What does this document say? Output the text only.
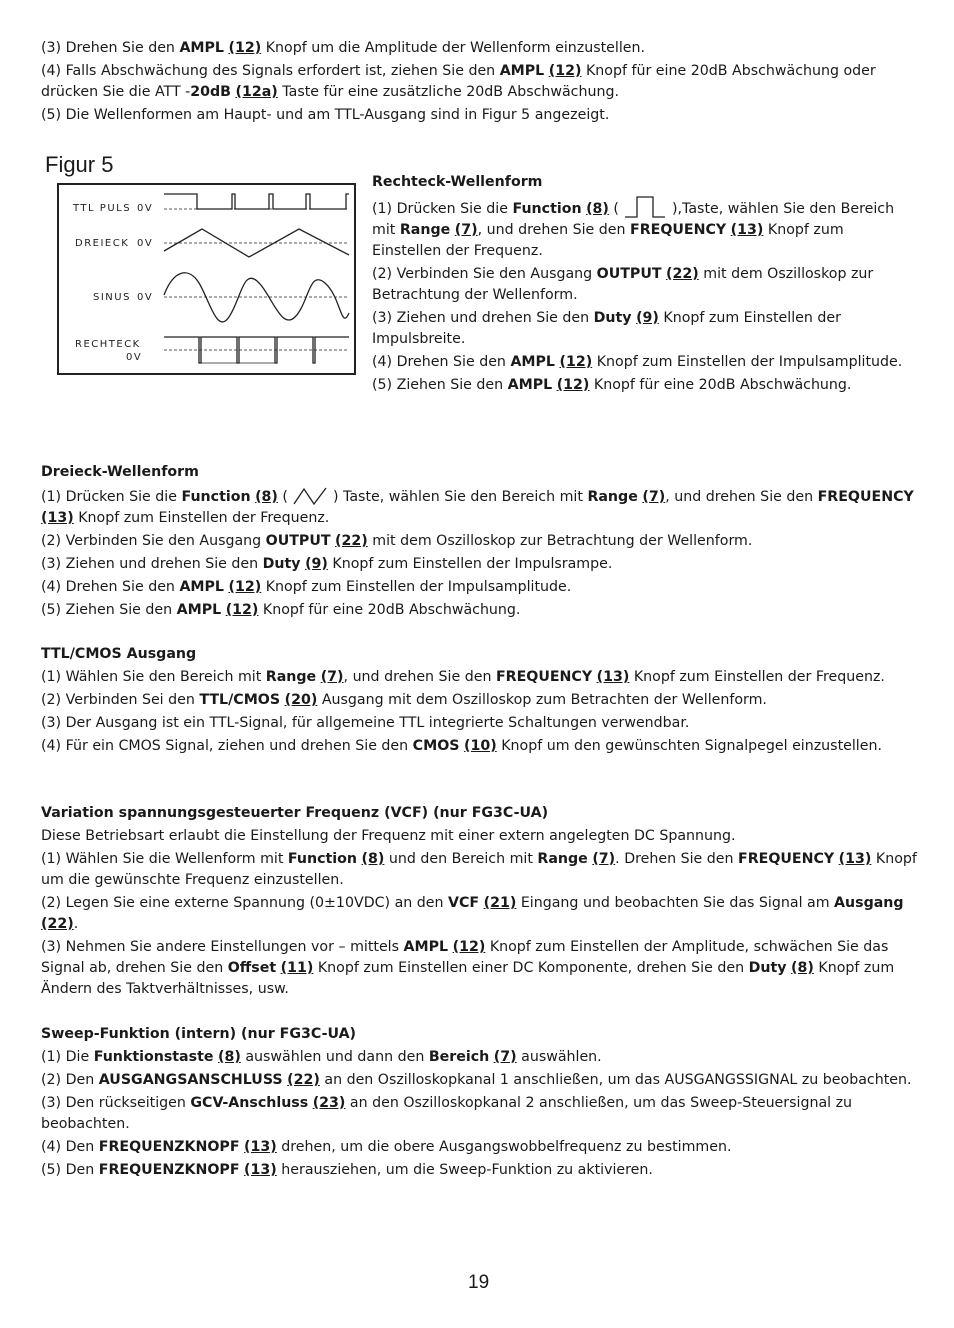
(3) Drehen Sie den AMPL (12) Knopf um die Amplitude der Wellenform einzustellen.

(4) Falls Abschwächung des Signals erfordert ist, ziehen Sie den AMPL (12) Knopf für eine 20dB Abschwächung oder drücken Sie die ATT -20dB (12a) Taste für eine zusätzliche 20dB Abschwächung.

(5) Die Wellenformen am Haupt- und am TTL-Ausgang sind in Figur 5 angezeigt.

Figur 5
TTL PULS 0V
DREIECK 0V
SINUS 0V
RECHTECK
0V

Rechteck-Wellenform

(1) Drücken Sie die Function (8) (	),Taste, wählen Sie den Bereich mit Range (7), und drehen Sie den FREQUENCY (13) Knopf zum Einstellen der Frequenz.

(2) Verbinden Sie den Ausgang OUTPUT (22) mit dem Oszilloskop zur Betrachtung der Wellenform.

(3) Ziehen und drehen Sie den Duty (9) Knopf zum Einstellen der Impulsbreite.

(4) Drehen Sie den AMPL (12) Knopf zum Einstellen der Impulsamplitude.

(5) Ziehen Sie den AMPL (12) Knopf für eine 20dB Abschwächung.

Dreieck-Wellenform

(1) Drücken Sie die Function (8) (	) Taste, wählen Sie den Bereich mit Range (7), und drehen Sie den FREQUENCY (13) Knopf zum Einstellen der Frequenz.

(2) Verbinden Sie den Ausgang OUTPUT (22) mit dem Oszilloskop zur Betrachtung der Wellenform.

(3) Ziehen und drehen Sie den Duty (9) Knopf zum Einstellen der Impulsrampe.

(4) Drehen Sie den AMPL (12) Knopf zum Einstellen der Impulsamplitude.

(5) Ziehen Sie den AMPL (12) Knopf für eine 20dB Abschwächung.

TTL/CMOS Ausgang

(1) Wählen Sie den Bereich mit Range (7), und drehen Sie den FREQUENCY (13) Knopf zum Einstellen der Frequenz.

(2) Verbinden Sei den TTL/CMOS (20) Ausgang mit dem Oszilloskop zum Betrachten der Wellenform.

(3) Der Ausgang ist ein TTL-Signal, für allgemeine TTL integrierte Schaltungen verwendbar.

(4) Für ein CMOS Signal, ziehen und drehen Sie den CMOS (10) Knopf um den gewünschten Signalpegel einzustellen.

Variation spannungsgesteuerter Frequenz (VCF) (nur FG3C-UA)

Diese Betriebsart erlaubt die Einstellung der Frequenz mit einer extern angelegten DC Spannung.

(1) Wählen Sie die Wellenform mit Function (8) und den Bereich mit Range (7). Drehen Sie den FREQUENCY (13) Knopf um die gewünschte Frequenz einzustellen.

(2) Legen Sie eine externe Spannung (0±10VDC) an den VCF (21) Eingang und beobachten Sie das Signal am Ausgang (22).

(3) Nehmen Sie andere Einstellungen vor – mittels AMPL (12) Knopf zum Einstellen der Amplitude, schwächen Sie das Signal ab, drehen Sie den Offset (11) Knopf zum Einstellen einer DC Komponente, drehen Sie den Duty (8) Knopf zum Ändern des Taktverhältnisses, usw.

Sweep-Funktion (intern) (nur FG3C-UA)

(1) Die Funktionstaste (8) auswählen und dann den Bereich (7) auswählen.

(2) Den AUSGANGSANSCHLUSS (22) an den Oszilloskopkanal 1 anschließen, um das AUSGANGSSIGNAL zu beobachten.

(3) Den rückseitigen GCV-Anschluss (23) an den Oszilloskopkanal 2 anschließen, um das Sweep-Steuersignal zu beobachten.

(4) Den FREQUENZKNOPF (13) drehen, um die obere Ausgangswobbelfrequenz zu bestimmen.

(5) Den FREQUENZKNOPF (13) herausziehen, um die Sweep-Funktion zu aktivieren.

19
